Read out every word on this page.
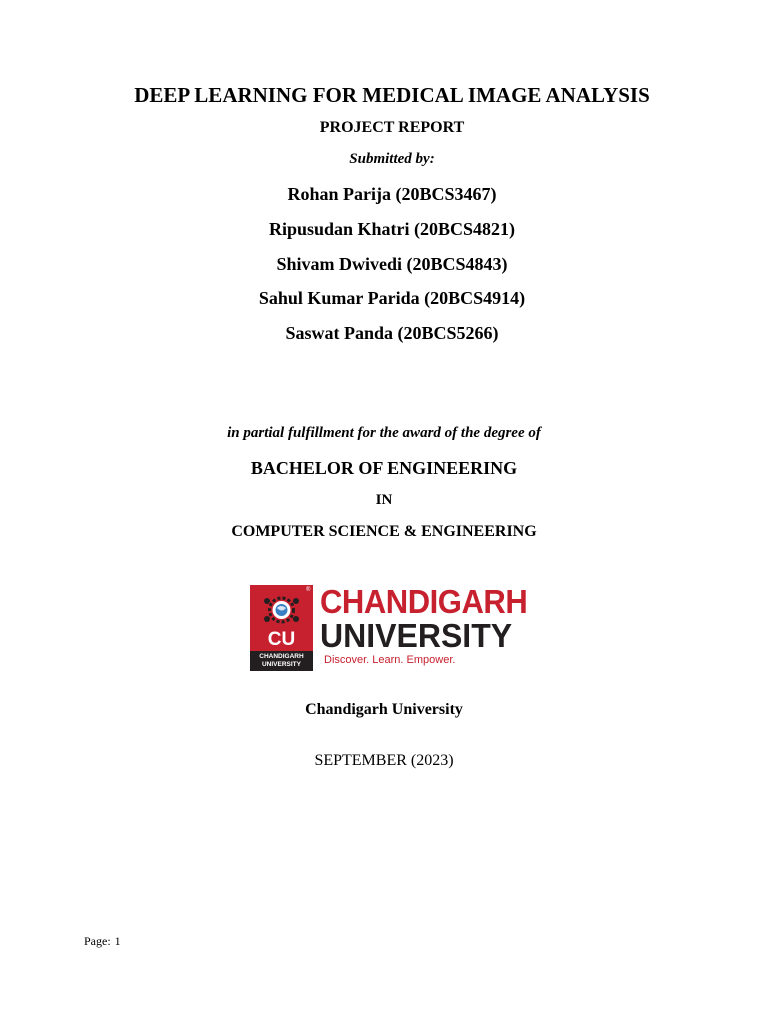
DEEP LEARNING FOR MEDICAL IMAGE ANALYSIS
PROJECT REPORT
Submitted by:
Rohan Parija (20BCS3467)
Ripusudan Khatri (20BCS4821)
Shivam Dwivedi (20BCS4843)
Sahul Kumar Parida (20BCS4914)
Saswat Panda (20BCS5266)
in partial fulfillment for the award of the degree of
BACHELOR OF ENGINEERING
IN
COMPUTER SCIENCE & ENGINEERING
®
CU
CHANDIGARH
UNIVERSITY
CHANDIGARH
UNIVERSITY
Discover. Learn. Empower.
Chandigarh University
SEPTEMBER (2023)
Page: 1
